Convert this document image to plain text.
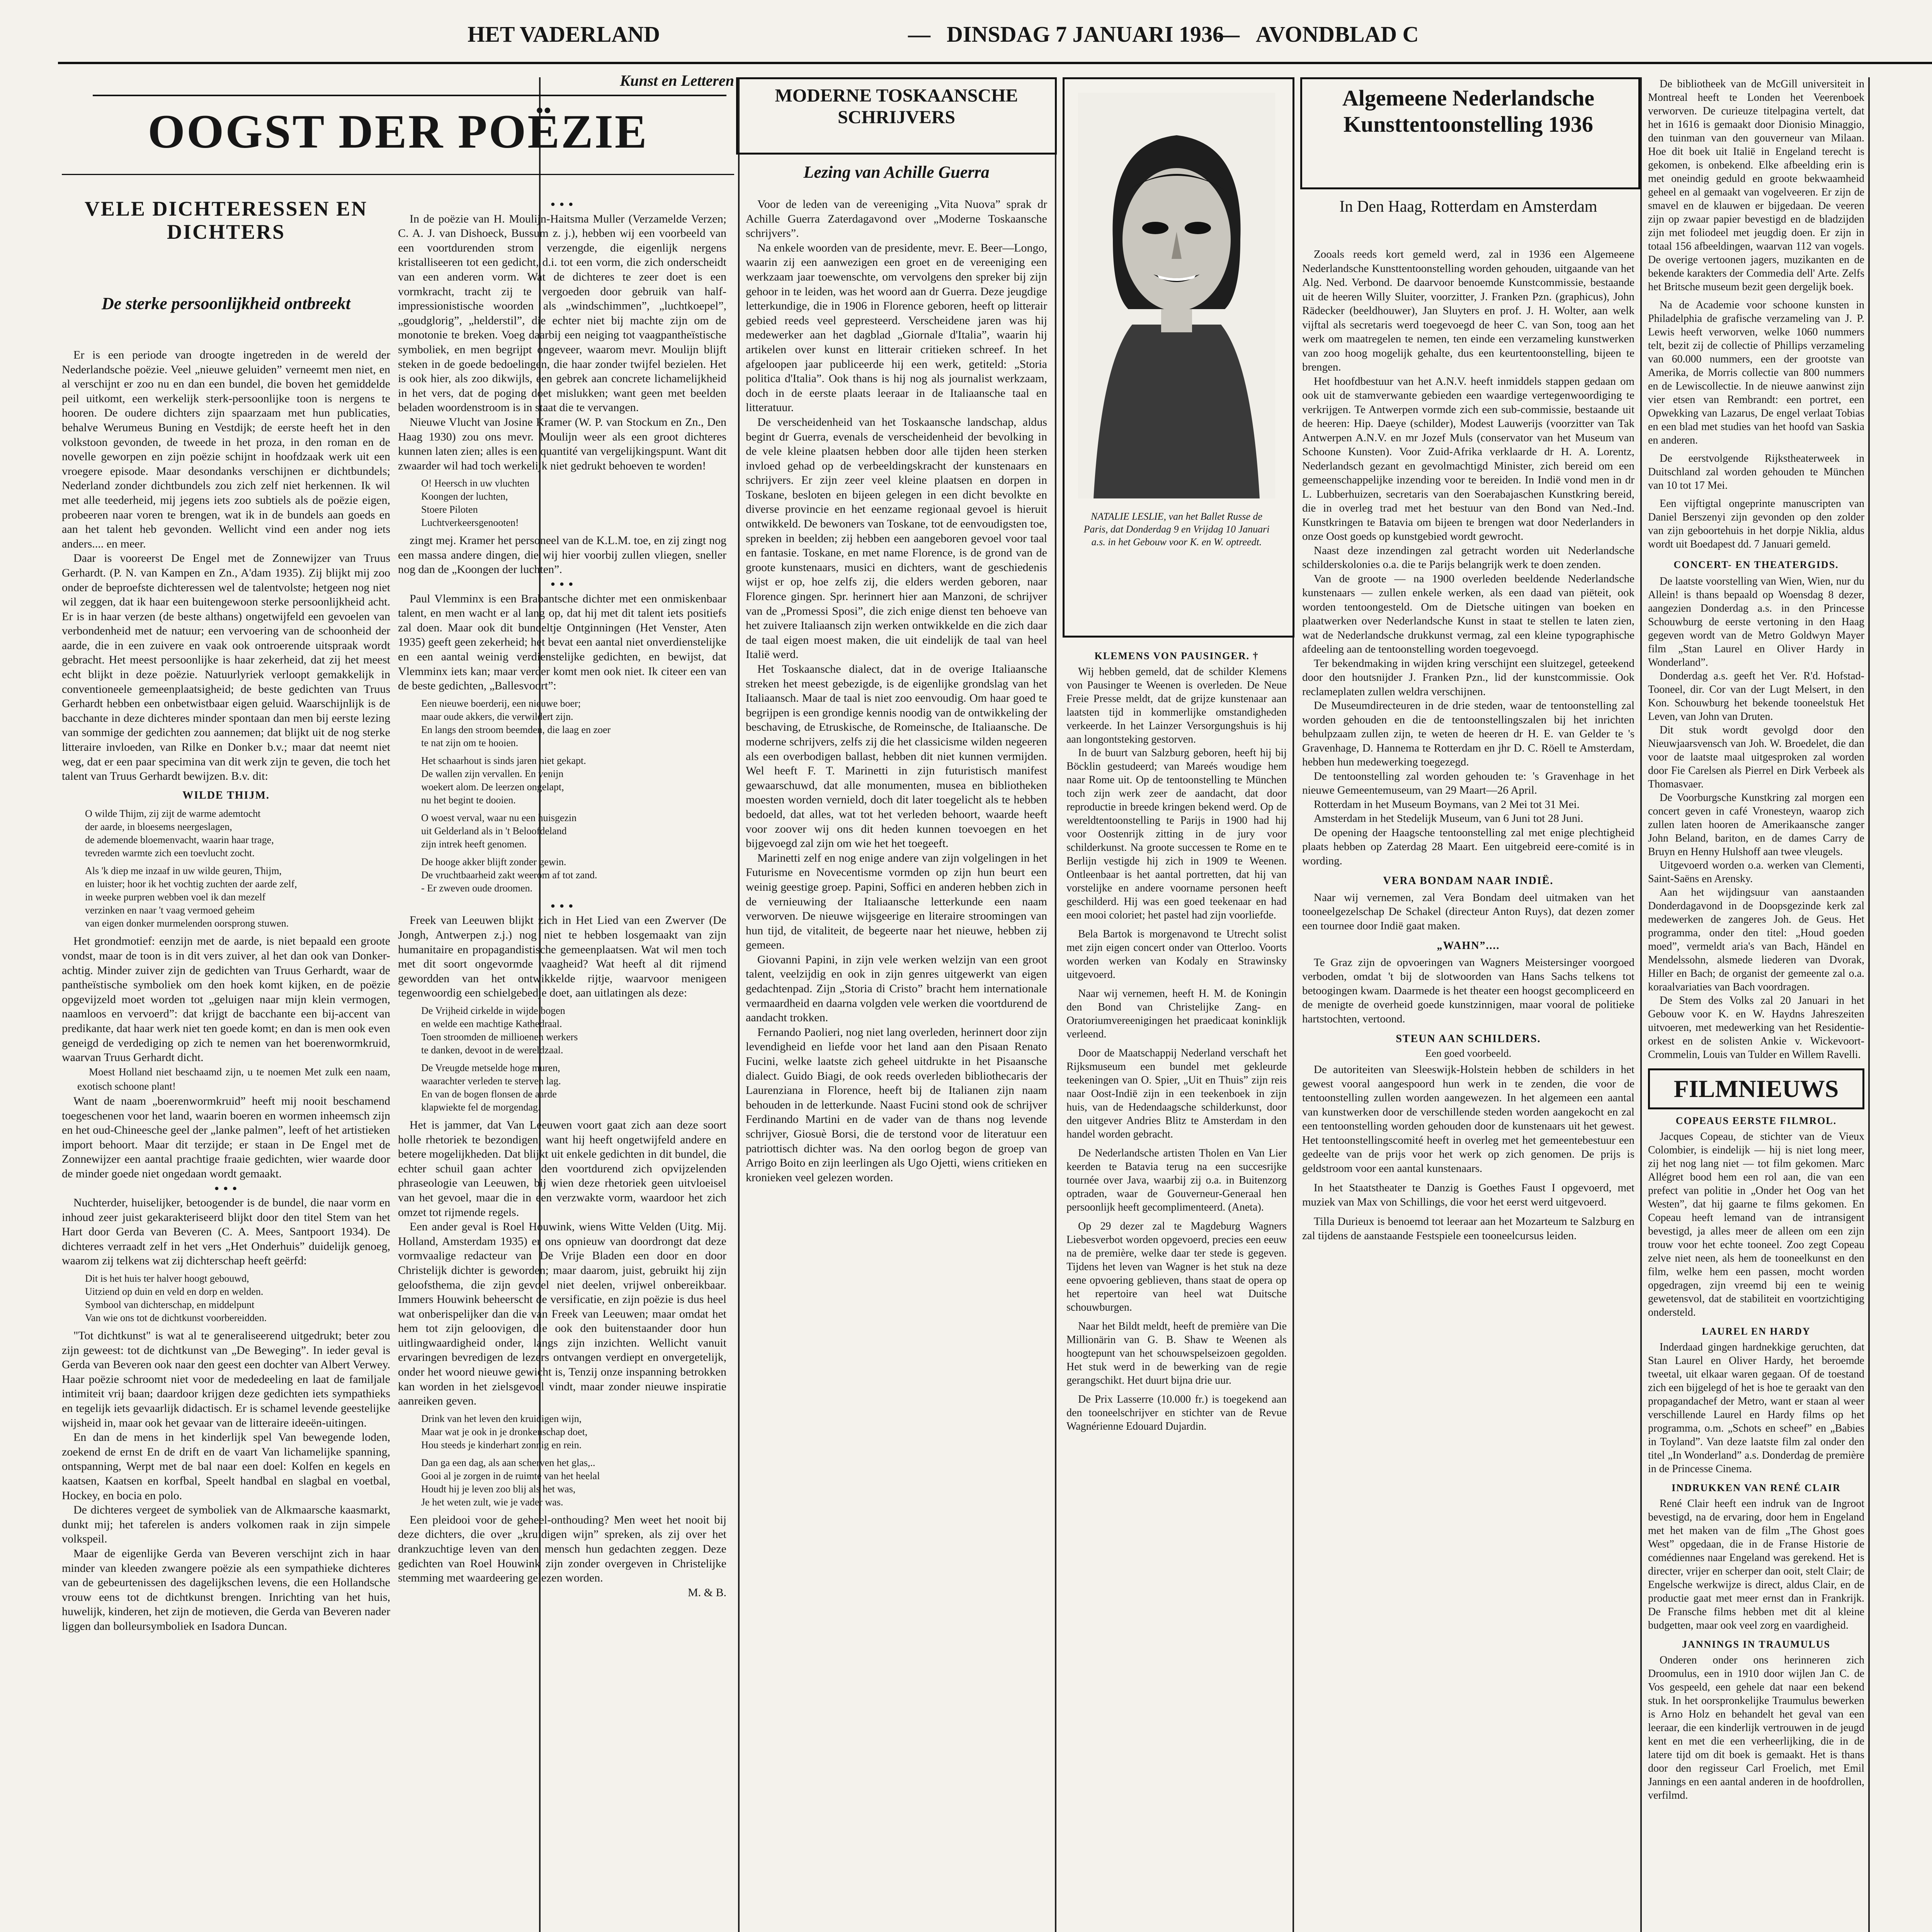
HET VADERLAND	— DINSDAG 7 JANUARI 1936
— AVONDBLAD C
Kunst en Letteren
OOGST DER POËZIE
VELE DICHTERESSEN EN DICHTERS
De sterke persoonlijkheid ontbreekt

Er is een periode van droogte ingetreden in de wereld der Nederlandsche poëzie. Veel „nieuwe geluiden” verneemt men niet, en al verschijnt er zoo nu en dan een bundel, die boven het gemiddelde peil uitkomt, een werkelijk sterk-persoonlijke toon is nergens te hooren. De oudere dichters zijn spaarzaam met hun publicaties, behalve Werumeus Buning en Vestdijk; de eerste heeft het in den volkstoon gevonden, de tweede in het proza, in den roman en de novelle geworpen en zijn poëzie schijnt in hoofdzaak werk uit een vroegere episode. Maar desondanks verschijnen er dichtbundels; Nederland zonder dichtbundels zou zich zelf niet herkennen. Ik wil met alle teederheid, mij jegens iets zoo subtiels als de poëzie eigen, probeeren naar voren te brengen, wat ik in de bundels aan goeds en aan het talent heb gevonden. Wellicht vind een ander nog iets anders.... en meer.

Daar is vooreerst De Engel met de Zonnewijzer van Truus Gerhardt. (P. N. van Kampen en Zn., A'dam 1935). Zij blijkt mij zoo onder de beproefste dichteressen wel de talentvolste; hetgeen nog niet wil zeggen, dat ik haar een buitengewoon sterke persoonlijkheid acht. Er is in haar verzen (de beste althans) ongetwijfeld een gevoelen van verbondenheid met de natuur; een vervoering van de schoonheid der aarde, die in een zuivere en vaak ook ontroerende uitspraak wordt gebracht. Het meest persoonlijke is haar zekerheid, dat zij het meest echt blijkt in deze poëzie. Natuurlyriek verloopt gemakkelijk in conventioneele gemeenplaatsigheid; de beste gedichten van Truus Gerhardt hebben een onbetwistbaar eigen geluid. Waarschijnlijk is de bacchante in deze dichteres minder spontaan dan men bij eerste lezing van sommige der gedichten zou aannemen; dat blijkt uit de nog sterke litteraire invloeden, van Rilke en Donker b.v.; maar dat neemt niet weg, dat er een paar specimina van dit werk zijn te geven, die toch het talent van Truus Gerhardt bewijzen. B.v. dit:

WILDE THIJM.
O wilde Thijm, zij zijt de warme ademtocht
der aarde, in bloesems neergeslagen,
de ademende bloemenvacht, waarin haar trage,
tevreden warmte zich een toevlucht zocht.
Als 'k diep me inzaaf in uw wilde geuren, Thijm,
en luister; hoor ik het vochtig zuchten der aarde zelf,
in weeke purpren webben voel ik dan mezelf
verzinken en naar 't vaag vermoed geheim
van eigen donker murmelenden oorsprong stuwen.

Het grondmotief: eenzijn met de aarde, is niet bepaald een groote vondst, maar de toon is in dit vers zuiver, al het dan ook van Donker-achtig. Minder zuiver zijn de gedichten van Truus Gerhardt, waar de pantheïstische symboliek om den hoek komt kijken, en de poëzie opgevijzeld moet worden tot „geluigen naar mijn klein vermogen, naamloos en vervoerd”: dat krijgt de bacchante een bij-accent van predikante, dat haar werk niet ten goede komt; en dan is men ook even geneigd de verdediging op zich te nemen van het boerenwormkruid, waarvan Truus Gerhardt dicht.

Moest Holland niet beschaamd zijn, u te noemen Met zulk een naam, exotisch schoone plant!

Want de naam „boerenwormkruid” heeft mij nooit beschamend toegeschenen voor het land, waarin boeren en wormen inheemsch zijn en het oud-Chineesche geel der „lanke palmen”, leeft of het artistieken import behoort. Maar dit terzijde; er staan in De Engel met de Zonnewijzer een aantal prachtige fraaie gedichten, wier waarde door de minder goede niet ongedaan wordt gemaakt.

• • •

Nuchterder, huiselijker, betoogender is de bundel, die naar vorm en inhoud zeer juist gekarakteriseerd blijkt door den titel Stem van het Hart door Gerda van Beveren (C. A. Mees, Santpoort 1934). De dichteres verraadt zelf in het vers „Het Onderhuis” duidelijk genoeg, waarom zij telkens wat zij dichterschap heeft geërfd:

Dit is het huis ter halver hoogt gebouwd,
Uitziend op duin en veld en dorp en welden.
Symbool van dichterschap, en middelpunt
Van wie ons tot de dichtkunst voorbereidden.

"Tot dichtkunst" is wat al te generaliseerend uitgedrukt; beter zou zijn geweest: tot de dichtkunst van „De Beweging”. In ieder geval is Gerda van Beveren ook naar den geest een dochter van Albert Verwey. Haar poëzie schroomt niet voor de mededeeling en laat de familjale intimiteit vrij baan; daardoor krijgen deze gedichten iets sympathieks en tegelijk iets gevaarlijk didactisch. Er is schamel levende geestelijke wijsheid in, maar ook het gevaar van de litteraire ideeën-uitingen.

En dan de mens in het kinderlijk spel Van bewegende loden, zoekend de ernst En de drift en de vaart Van lichamelijke spanning, ontspanning, Werpt met de bal naar een doel: Kolfen en kegels en kaatsen, Kaatsen en korfbal, Speelt handbal en slagbal en voetbal, Hockey, en bocia en polo.

De dichteres vergeet de symboliek van de Alkmaarsche kaasmarkt, dunkt mij; het taferelen is anders volkomen raak in zijn simpele volkspeil.

Maar de eigenlijke Gerda van Beveren verschijnt zich in haar minder van kleeden zwangere poëzie als een sympathieke dichteres van de gebeurtenissen des dagelijkschen levens, die een Hollandsche vrouw eens tot de dichtkunst brengen. Inrichting van het huis, huwelijk, kinderen, het zijn de motieven, die Gerda van Beveren nader liggen dan bolleursymboliek en Isadora Duncan.

• • •

In de poëzie van H. Moulijn-Haitsma Muller (Verzamelde Verzen; C. A. J. van Dishoeck, Bussum z. j.), hebben wij een voorbeeld van een voortdurenden strom verzengde, die eigenlijk nergens kristalliseeren tot een gedicht, d.i. tot een vorm, die zich onderscheidt van een anderen vorm. Wat de dichteres te zeer doet is een vormkracht, tracht zij te vergoeden door gebruik van half-impressionistische woorden als „windschimmen”, „luchtkoepel”, „goudglorig”, „helderstil”, die echter niet bij machte zijn om de monotonie te breken. Voeg daarbij een neiging tot vaagpantheïstische symboliek, en men begrijpt ongeveer, waarom mevr. Moulijn blijft steken in de goede bedoelingen, die haar zonder twijfel bezielen. Het is ook hier, als zoo dikwijls, een gebrek aan concrete lichamelijkheid in het vers, dat de poging doet mislukken; want geen met beelden beladen woordenstroom is in staat die te vervangen.

Nieuwe Vlucht van Josine Kramer (W. P. van Stockum en Zn., Den Haag 1930) zou ons mevr. Moulijn weer als een groot dichteres kunnen laten zien; alles is een quantité van vergelijkingspunt. Want dit zwaarder wil had toch werkelijk niet gedrukt behoeven te worden!

O! Heersch in uw vluchten
Koongen der luchten,
Stoere Piloten
Luchtverkeersgenooten!

zingt mej. Kramer het personeel van de K.L.M. toe, en zij zingt nog een massa andere dingen, die wij hier voorbij zullen vliegen, sneller nog dan de „Koongen der luchten”.

• • •

Paul Vlemminx is een Brabantsche dichter met een onmiskenbaar talent, en men wacht er al lang op, dat hij met dit talent iets positiefs zal doen. Maar ook dit bundeltje Ontginningen (Het Venster, Aten 1935) geeft geen zekerheid; het bevat een aantal niet onverdienstelijke en een aantal weinig verdienstelijke gedichten, en bewijst, dat Vlemminx iets kan; maar verder komt men ook niet. Ik citeer een van de beste gedichten, „Ballesvoort”:

Een nieuwe boerderij, een nieuwe boer;
maar oude akkers, die verwildert zijn.
En langs den stroom beemden, die laag en zoer
te nat zijn om te hooien.
Het schaarhout is sinds jaren niet gekapt.
De wallen zijn vervallen. En venijn
woekert alom. De leerzen ongelapt,
nu het begint te dooien.
O woest verval, waar nu een huisgezin
uit Gelderland als in 't Beloofdeland
zijn intrek heeft genomen.
De hooge akker blijft zonder gewin.
De vruchtbaarheid zakt weerom af tot zand.
- Er zweven oude droomen.
• • •

Freek van Leeuwen blijkt zich in Het Lied van een Zwerver (De Jongh, Antwerpen z.j.) nog niet te hebben losgemaakt van zijn humanitaire en propagandistische gemeenplaatsen. Wat wil men toch met dit soort ongevormde vaagheid? Wat heeft al dit rijmend gewordden van het ontwikkelde rijtje, waarvoor menigeen tegenwoordig een schielgebedje doet, aan uitlatingen als deze:

De Vrijheid cirkelde in wijde bogen
en welde een machtige Kathedraal.
Toen stroomden de millioenen werkers
te danken, devoot in de wereldzaal.
De Vreugde metselde hoge muren,
waarachter verleden te sterven lag.
En van de bogen flonsen de aarde
klapwiekte fel de morgendag.

Het is jammer, dat Van Leeuwen voort gaat zich aan deze soort holle rhetoriek te bezondigen, want hij heeft ongetwijfeld andere en betere mogelijkheden. Dat blijkt uit enkele gedichten in dit bundel, die echter schuil gaan achter den voortdurend zich opvijzelenden phraseologie van Leeuwen, bij wien deze rhetoriek geen uitvloeisel van het gevoel, maar die in een verzwakte vorm, waardoor het zich omzet tot rijmende regels.

Een ander geval is Roel Houwink, wiens Witte Velden (Uitg. Mij. Holland, Amsterdam 1935) er ons opnieuw van doordrongt dat deze vormvaalige redacteur van De Vrije Bladen een door en door Christelijk dichter is geworden; maar daarom, juist, gebruikt hij zijn geloofsthema, die zijn gevoel niet deelen, vrijwel onbereikbaar. Immers Houwink beheerscht de versificatie, en zijn poëzie is dus heel wat onberispelijker dan die van Freek van Leeuwen; maar omdat het hem tot zijn geloovigen, die ook den buitenstaander door hun uitlingwaardigheid onder, langs zijn inzichten. Wellicht vanuit ervaringen bevredigen de lezers ontvangen verdiept en onvergetelijk, onder het woord nieuwe gewicht is, Tenzij onze inspanning betrokken kan worden in het zielsgevoel vindt, maar zonder nieuwe inspiratie aanreiken geven.

Drink van het leven den kruidigen wijn,
Maar wat je ook in je dronkenschap doet,
Hou steeds je kinderhart zonnig en rein.
Dan ga een dag, als aan scherven het glas,..
Gooi al je zorgen in de ruimte van het heelal
Houdt hij je leven zoo blij als het was,
Je het weten zult, wie je vader was.

Een pleidooi voor de geheel-onthouding? Men weet het nooit bij deze dichters, die over „kruidigen wijn” spreken, als zij over het drankzuchtige leven van den mensch hun gedachten zeggen. Deze gedichten van Roel Houwink zijn zonder overgeven in Christelijke stemming met waardeering gelezen worden.

M. & B.

MODERNE TOSKAANSCHE SCHRIJVERS
Lezing van Achille Guerra

Voor de leden van de vereeniging „Vita Nuova” sprak dr Achille Guerra Zaterdagavond over „Moderne Toskaansche schrijvers”.

Na enkele woorden van de presidente, mevr. E. Beer—Longo, waarin zij een aanwezigen een groet en de vereeniging een werkzaam jaar toewenschte, om vervolgens den spreker bij zijn gehoor in te leiden, was het woord aan dr Guerra. Deze jeugdige letterkundige, die in 1906 in Florence geboren, heeft op litterair gebied reeds veel gepresteerd. Verscheidene jaren was hij medewerker aan het dagblad „Giornale d'Italia”, waarin hij artikelen over kunst en litterair critieken schreef. In het afgeloopen jaar publiceerde hij een werk, getiteld: „Storia politica d'Italia”. Ook thans is hij nog als journalist werkzaam, doch in de eerste plaats leeraar in de Italiaansche taal en litteratuur.

De verscheidenheid van het Toskaansche landschap, aldus begint dr Guerra, evenals de verscheidenheid der bevolking in de vele kleine plaatsen hebben door alle tijden heen sterken invloed gehad op de verbeeldingskracht der kunstenaars en schrijvers. Er zijn zeer veel kleine plaatsen en dorpen in Toskane, besloten en bijeen gelegen in een dicht bevolkte en diverse provincie en het eenzame regionaal gevoel is hieruit ontwikkeld. De bewoners van Toskane, tot de eenvoudigsten toe, spreken in beelden; zij hebben een aangeboren gevoel voor taal en fantasie. Toskane, en met name Florence, is de grond van de groote kunstenaars, musici en dichters, want de geschiedenis wijst er op, hoe zelfs zij, die elders werden geboren, naar Florence gingen. Spr. herinnert hier aan Manzoni, de schrijver van de „Promessi Sposi”, die zich enige dienst ten behoeve van het zuivere Italiaansch zijn werken ontwikkelde en die zich daar de taal eigen moest maken, die uit eindelijk de taal van heel Italië werd.

Het Toskaansche dialect, dat in de overige Italiaansche streken het meest gebezigde, is de eigenlijke grondslag van het Italiaansch. Maar de taal is niet zoo eenvoudig. Om haar goed te begrijpen is een grondige kennis noodig van de ontwikkeling der beschaving, de Etruskische, de Romeinsche, de Italiaansche. De moderne schrijvers, zelfs zij die het classicisme wilden negeeren als een overbodigen ballast, hebben dit niet kunnen vermijden. Wel heeft F. T. Marinetti in zijn futuristisch manifest gewaarschuwd, dat alle monumenten, musea en bibliotheken moesten worden vernield, doch dit later toegelicht als te hebben bedoeld, dat alles, wat tot het verleden behoort, waarde heeft voor zoover wij ons dit heden kunnen toevoegen en het bijgevoegd zal zijn om wie het het toegeeft.

Marinetti zelf en nog enige andere van zijn volgelingen in het Futurisme en Novecentisme vormden op zijn hun beurt een weinig geestige groep. Papini, Soffici en anderen hebben zich in de vernieuwing der Italiaansche letterkunde een naam verworven. De nieuwe wijsgeerige en literaire stroomingen van hun tijd, de vitaliteit, de begeerte naar het nieuwe, hebben zij gemeen.

Giovanni Papini, in zijn vele werken welzijn van een groot talent, veelzijdig en ook in zijn genres uitgewerkt van eigen gedachtenpad. Zijn „Storia di Cristo” bracht hem internationale vermaardheid en daarna volgden vele werken die voortdurend de aandacht trokken.

Fernando Paolieri, nog niet lang overleden, herinnert door zijn levendigheid en liefde voor het land aan den Pisaan Renato Fucini, welke laatste zich geheel uitdrukte in het Pisaansche dialect. Guido Biagi, de ook reeds overleden bibliothecaris der Laurenziana in Florence, heeft bij de Italianen zijn naam behouden in de letterkunde. Naast Fucini stond ook de schrijver Ferdinando Martini en de vader van de thans nog levende schrijver, Giosuè Borsi, die de terstond voor de literatuur een patriottisch dichter was. Na den oorlog begon de groep van Arrigo Boito en zijn leerlingen als Ugo Ojetti, wiens critieken en kronieken veel gelezen worden.

NATALIE LESLIE, van het Ballet Russe de Paris, dat Donderdag 9 en Vrijdag 10 Januari a.s. in het Gebouw voor K. en W. optreedt.
KLEMENS VON PAUSINGER. †

Wij hebben gemeld, dat de schilder Klemens von Pausinger te Weenen is overleden. De Neue Freie Presse meldt, dat de grijze kunstenaar aan laatsten tijd in kommerlijke omstandigheden verkeerde. In het Lainzer Versorgungshuis is hij aan longontsteking gestorven.

In de buurt van Salzburg geboren, heeft hij bij Böcklin gestudeerd; van Mareés woudige hem naar Rome uit. Op de tentoonstelling te München toch zijn werk zeer de aandacht, dat door reproductie in breede kringen bekend werd. Op de wereldtentoonstelling te Parijs in 1900 had hij voor Oostenrijk zitting in de jury voor schilderkunst. Na groote successen te Rome en te Berlijn vestigde hij zich in 1909 te Weenen. Ontleenbaar is het aantal portretten, dat hij van vorstelijke en andere voorname personen heeft geschilderd. Hij was een goed teekenaar en had een mooi coloriet; het pastel had zijn voorliefde.

Bela Bartok is morgenavond te Utrecht solist met zijn eigen concert onder van Otterloo. Voorts worden werken van Kodaly en Strawinsky uitgevoerd.

Naar wij vernemen, heeft H. M. de Koningin den Bond van Christelijke Zang- en Oratoriumvereenigingen het praedicaat koninklijk verleend.

Door de Maatschappij Nederland verschaft het Rijksmuseum een bundel met gekleurde teekeningen van O. Spier, „Uit en Thuis” zijn reis naar Oost-Indië zijn in een teekenboek in zijn huis, van de Hedendaagsche schilderkunst, door den uitgever Andries Blitz te Amsterdam in den handel worden gebracht.

De Nederlandsche artisten Tholen en Van Lier keerden te Batavia terug na een succesrijke tournée over Java, waarbij zij o.a. in Buitenzorg optraden, waar de Gouverneur-Generaal hen persoonlijk heeft gecomplimenteerd. (Aneta).

Op 29 dezer zal te Magdeburg Wagners Liebesverbot worden opgevoerd, precies een eeuw na de première, welke daar ter stede is gegeven. Tijdens het leven van Wagner is het stuk na deze eene opvoering geblieven, thans staat de opera op het repertoire van heel wat Duitsche schouwburgen.

Naar het Bildt meldt, heeft de première van Die Millionärin van G. B. Shaw te Weenen als hoogtepunt van het schouwspelseizoen gegolden. Het stuk werd in de bewerking van de regie gerangschikt. Het duurt bijna drie uur.

De Prix Lasserre (10.000 fr.) is toegekend aan den tooneelschrijver en stichter van de Revue Wagnérienne Edouard Dujardin.

Algemeene Nederlandsche Kunsttentoonstelling 1936
In Den Haag, Rotterdam en Amsterdam

Zooals reeds kort gemeld werd, zal in 1936 een Algemeene Nederlandsche Kunsttentoonstelling worden gehouden, uitgaande van het Alg. Ned. Verbond. De daarvoor benoemde Kunstcommissie, bestaande uit de heeren Willy Sluiter, voorzitter, J. Franken Pzn. (graphicus), John Rädecker (beeldhouwer), Jan Sluyters en prof. J. H. Wolter, aan welk vijftal als secretaris werd toegevoegd de heer C. van Son, toog aan het werk om maatregelen te nemen, ten einde een verzameling kunstwerken van zoo hoog mogelijk gehalte, dus een keurtentoonstelling, bijeen te brengen.

Het hoofdbestuur van het A.N.V. heeft inmiddels stappen gedaan om ook uit de stamverwante gebieden een waardige vertegenwoordiging te verkrijgen. Te Antwerpen vormde zich een sub-commissie, bestaande uit de heeren: Hip. Daeye (schilder), Modest Lauwerijs (voorzitter van Tak Antwerpen A.N.V. en mr Jozef Muls (conservator van het Museum van Schoone Kunsten). Voor Zuid-Afrika verklaarde dr H. A. Lorentz, Nederlandsch gezant en gevolmachtigd Minister, zich bereid om een gemeenschappelijke inzending voor te bereiden. In Indië vond men in dr L. Lubberhuizen, secretaris van den Soerabajaschen Kunstkring bereid, die in overleg trad met het bestuur van den Bond van Ned.-Ind. Kunstkringen te Batavia om bijeen te brengen wat door Nederlanders in onze Oost goeds op kunstgebied wordt gewrocht.

Naast deze inzendingen zal getracht worden uit Nederlandsche schilderskolonies o.a. die te Parijs belangrijk werk te doen zenden.

Van de groote — na 1900 overleden beeldende Nederlandsche kunstenaars — zullen enkele werken, als een daad van piëteit, ook worden tentoongesteld. Om de Dietsche uitingen van boeken en plaatwerken over Nederlandsche Kunst in staat te stellen te laten zien, wat de Nederlandsche drukkunst vermag, zal een kleine typographische afdeeling aan de tentoonstelling worden toegevoegd.

Ter bekendmaking in wijden kring verschijnt een sluitzegel, geteekend door den houtsnijder J. Franken Pzn., lid der kunstcommissie. Ook reclameplaten zullen weldra verschijnen.

De Museumdirecteuren in de drie steden, waar de tentoonstelling zal worden gehouden en die de tentoonstellingszalen bij het inrichten behulpzaam zullen zijn, te weten de heeren dr H. E. van Gelder te 's Gravenhage, D. Hannema te Rotterdam en jhr D. C. Röell te Amsterdam, hebben hun medewerking toegezegd.

De tentoonstelling zal worden gehouden te: 's Gravenhage in het nieuwe Gemeentemuseum, van 29 Maart—26 April.

Rotterdam in het Museum Boymans, van 2 Mei tot 31 Mei.

Amsterdam in het Stedelijk Museum, van 6 Juni tot 28 Juni.

De opening der Haagsche tentoonstelling zal met enige plechtigheid plaats hebben op Zaterdag 28 Maart. Een uitgebreid eere-comité is in wording.

VERA BONDAM NAAR INDIË.

Naar wij vernemen, zal Vera Bondam deel uitmaken van het tooneelgezelschap De Schakel (directeur Anton Ruys), dat dezen zomer een tournee door Indië gaat maken.

„WAHN”....

Te Graz zijn de opvoeringen van Wagners Meistersinger voorgoed verboden, omdat 't bij de slotwoorden van Hans Sachs telkens tot betoogingen kwam. Daarmede is het theater een hoogst gecompliceerd en de menigte de overheid goede kunstzinnigen, maar vooral de politieke hartstochten, vertoond.

STEUN AAN SCHILDERS.
Een goed voorbeeld.

De autoriteiten van Sleeswijk-Holstein hebben de schilders in het gewest vooral aangespoord hun werk in te zenden, die voor de tentoonstelling zullen worden aangewezen. In het algemeen een aantal van kunstwerken door de verschillende steden worden aangekocht en zal een tentoonstelling worden gehouden door de kunstenaars uit het gewest. Het tentoonstellingscomité heeft in overleg met het gemeentebestuur een gedeelte van de prijs voor het werk op zich genomen. De prijs is geldstroom voor een aantal kunstenaars.

In het Staatstheater te Danzig is Goethes Faust I opgevoerd, met muziek van Max von Schillings, die voor het eerst werd uitgevoerd.

Tilla Durieux is benoemd tot leeraar aan het Mozarteum te Salzburg en zal tijdens de aanstaande Festspiele een tooneelcursus leiden.

De bibliotheek van de McGill universiteit in Montreal heeft te Londen het Veerenboek verworven. De curieuze titelpagina vertelt, dat het in 1616 is gemaakt door Dionisio Minaggio, den tuinman van den gouverneur van Milaan. Hoe dit boek uit Italië in Engeland terecht is gekomen, is onbekend. Elke afbeelding erin is met oneindig geduld en groote bekwaamheid geheel en al gemaakt van vogelveeren. Er zijn de smavel en de klauwen er bijgedaan. De veeren zijn op zwaar papier bevestigd en de bladzijden zijn met foliodeel met jeugdig doen. Er zijn in totaal 156 afbeeldingen, waarvan 112 van vogels. De overige vertoonen jagers, muzikanten en de bekende karakters der Commedia dell' Arte. Zelfs het Britsche museum bezit geen dergelijk boek.

Na de Academie voor schoone kunsten in Philadelphia de grafische verzameling van J. P. Lewis heeft verworven, welke 1060 nummers telt, bezit zij de collectie of Phillips verzameling van 60.000 nummers, een der grootste van Amerika, de Morris collectie van 800 nummers en de Lewiscollectie. In de nieuwe aanwinst zijn vier etsen van Rembrandt: een portret, een Opwekking van Lazarus, De engel verlaat Tobias en een blad met studies van het hoofd van Saskia en anderen.

De eerstvolgende Rijkstheaterweek in Duitschland zal worden gehouden te München van 10 tot 17 Mei.

Een vijftigtal ongeprinte manuscripten van Daniel Berszenyi zijn gevonden op den zolder van zijn geboortehuis in het dorpje Niklia, aldus wordt uit Boedapest dd. 7 Januari gemeld.

CONCERT- EN THEATERGIDS.

De laatste voorstelling van Wien, Wien, nur du Allein! is thans bepaald op Woensdag 8 dezer, aangezien Donderdag a.s. in den Princesse Schouwburg de eerste vertoning in den Haag gegeven wordt van de Metro Goldwyn Mayer film „Stan Laurel en Oliver Hardy in Wonderland”.

Donderdag a.s. geeft het Ver. R'd. Hofstad-Tooneel, dir. Cor van der Lugt Melsert, in den Kon. Schouwburg het bekende tooneelstuk Het Leven, van John van Druten.

Dit stuk wordt gevolgd door den Nieuwjaarsvensch van Joh. W. Broedelet, die dan voor de laatste maal uitgesproken zal worden door Fie Carelsen als Pierrel en Dirk Verbeek als Thomasvaer.

De Voorburgsche Kunstkring zal morgen een concert geven in café Vronesteyn, waarop zich zullen laten hooren de Amerikaansche zanger John Beland, bariton, en de dames Carry de Bruyn en Henny Hulshoff aan twee vleugels.

Uitgevoerd worden o.a. werken van Clementi, Saint-Saëns en Arensky.

Aan het wijdingsuur van aanstaanden Donderdagavond in de Doopsgezinde kerk zal medewerken de zangeres Joh. de Geus. Het programma, onder den titel: „Houd goeden moed”, vermeldt aria's van Bach, Händel en Mendelssohn, alsmede liederen van Dvorak, Hiller en Bach; de organist der gemeente zal o.a. koraalvariaties van Bach voordragen.

De Stem des Volks zal 20 Januari in het Gebouw voor K. en W. Haydns Jahreszeiten uitvoeren, met medewerking van het Residentie-orkest en de solisten Ankie v. Wickevoort-Crommelin, Louis van Tulder en Willem Ravelli.

FILMNIEUWS
COPEAUS EERSTE FILMROL.

Jacques Copeau, de stichter van de Vieux Colombier, is eindelijk — hij is niet long meer, zij het nog lang niet — tot film gekomen. Marc Allégret bood hem een rol aan, die van een prefect van politie in „Onder het Oog van het Westen”, dat hij gaarne te films gekomen. En Copeau heeft lemand van de intransigent bevestigd, ja alles meer de alleen om een zijn trouw voor het echte tooneel. Zoo zegt Copeau zelve niet neen, als hem de tooneelkunst en den film, welke hem een passen, mocht worden opgedragen, zijn vreemd bij een te weinig gewetensvol, dat de stabiliteit en voortzichtiging ondersteld.

LAUREL EN HARDY

Inderdaad gingen hardnekkige geruchten, dat Stan Laurel en Oliver Hardy, het beroemde tweetal, uit elkaar waren gegaan. Of de toestand zich een bijgelegd of het is hoe te geraakt van den propagandachef der Metro, want er staan al weer verschillende Laurel en Hardy films op het programma, o.m. „Schots en scheef” en „Babies in Toyland”. Van deze laatste film zal onder den titel „In Wonderland” a.s. Donderdag de première in de Princesse Cinema.

INDRUKKEN VAN RENÉ CLAIR

René Clair heeft een indruk van de Ingroot bevestigd, na de ervaring, door hem in Engeland met het maken van de film „The Ghost goes West” opgedaan, die in de Franse Historie de comédiennes naar Engeland was gerekend. Het is directer, vrijer en scherper dan ooit, stelt Clair; de Engelsche werkwijze is direct, aldus Clair, en de productie gaat met meer ernst dan in Frankrijk. De Fransche films hebben met dit al kleine budgetten, maar ook veel zorg en vaardigheid.

JANNINGS IN TRAUMULUS

Onderen onder ons herinneren zich Droomulus, een in 1910 door wijlen Jan C. de Vos gespeeld, een gehele dat naar een bekend stuk. In het oorspronkelijke Traumulus bewerken is Arno Holz en behandelt het geval van een leeraar, die een kinderlijk vertrouwen in de jeugd kent en met die een verheerlijking, die in de latere tijd om dit boek is gemaakt. Het is thans door den regisseur Carl Froelich, met Emil Jannings en een aantal anderen in de hoofdrollen, verfilmd.
